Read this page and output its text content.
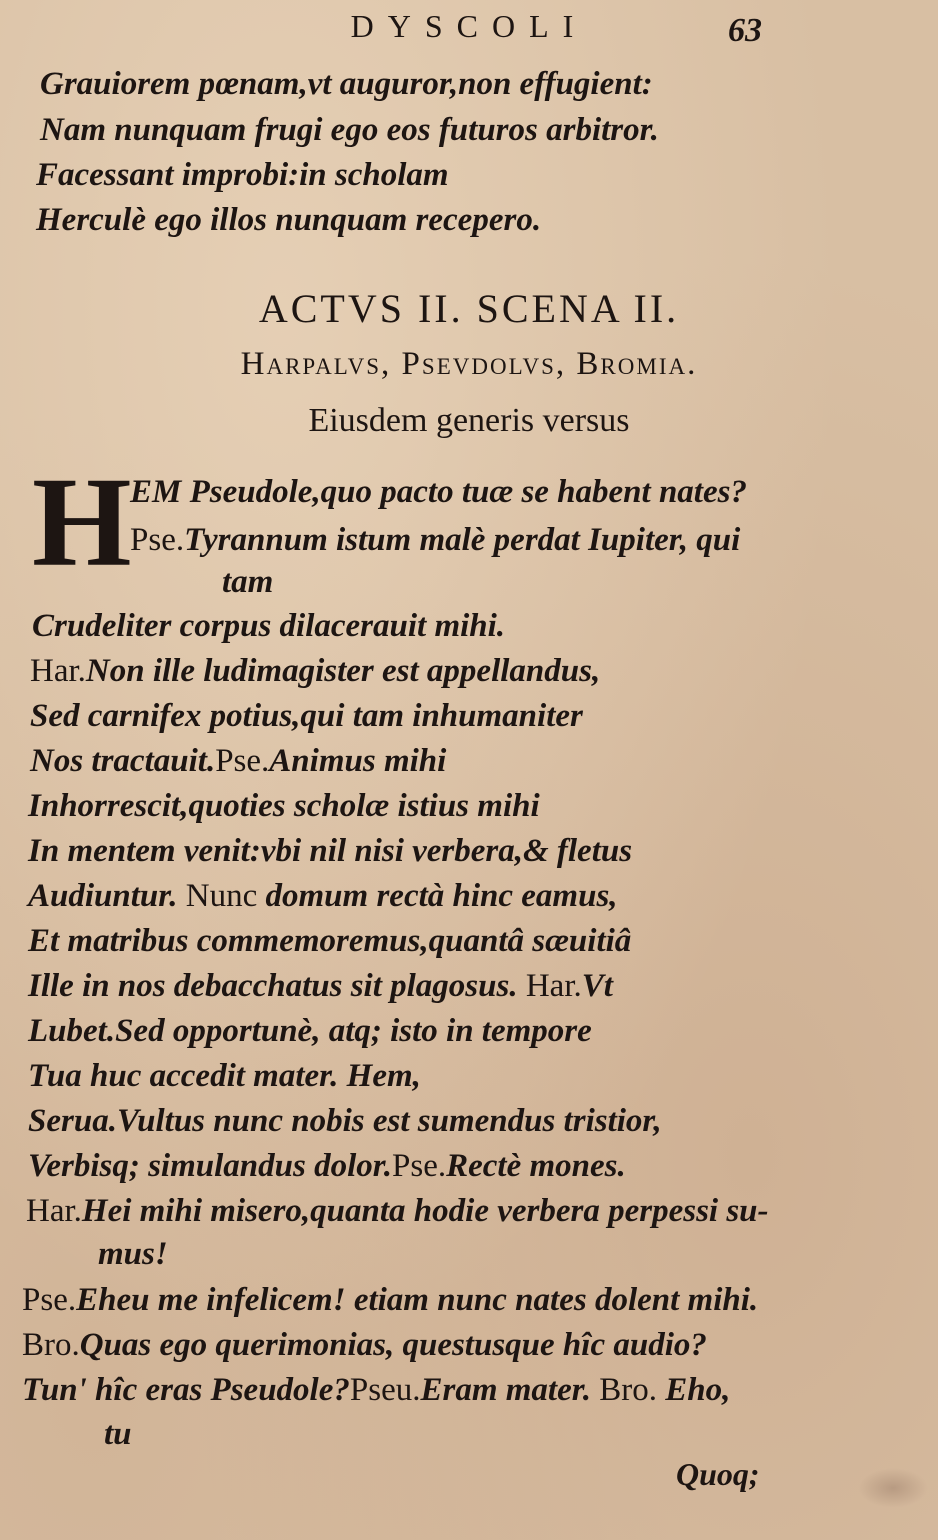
DYSCOLI	63
Grauiorem pœnam,vt auguror,non effugient:
Nam nunquam frugi ego eos futuros arbitror.
Facessant improbi:in scholam
Herculè ego illos nunquam recepero.
ACTVS II. SCENA II.
Harpalvs, Psevdolvs, Bromia.
Eiusdem generis versus
H
EM Pseudole,quo pacto tuæ se habent nates?
Pse.Tyrannum istum malè perdat Iupiter, qui
tam
Crudeliter corpus dilacerauit mihi.
Har.Non ille ludimagister est appellandus,
Sed carnifex potius,qui tam inhumaniter
Nos tractauit.Pse.Animus mihi
Inhorrescit,quoties scholæ istius mihi
In mentem venit:vbi nil nisi verbera,& fletus
Audiuntur. Nunc domum rectà hinc eamus,
Et matribus commemoremus,quantâ sæuitiâ
Ille in nos debacchatus sit plagosus. Har.Vt
Lubet.Sed opportunè, atq; isto in tempore
Tua huc accedit mater. Hem,
Serua.Vultus nunc nobis est sumendus tristior,
Verbisq; simulandus dolor.Pse.Rectè mones.
Har.Hei mihi misero,quanta hodie verbera perpessi su-
mus!
Pse.Eheu me infelicem! etiam nunc nates dolent mihi.
Bro.Quas ego querimonias, questusque hîc audio?
Tun' hîc eras Pseudole?Pseu.Eram mater. Bro. Eho,
tu
Quoq;
